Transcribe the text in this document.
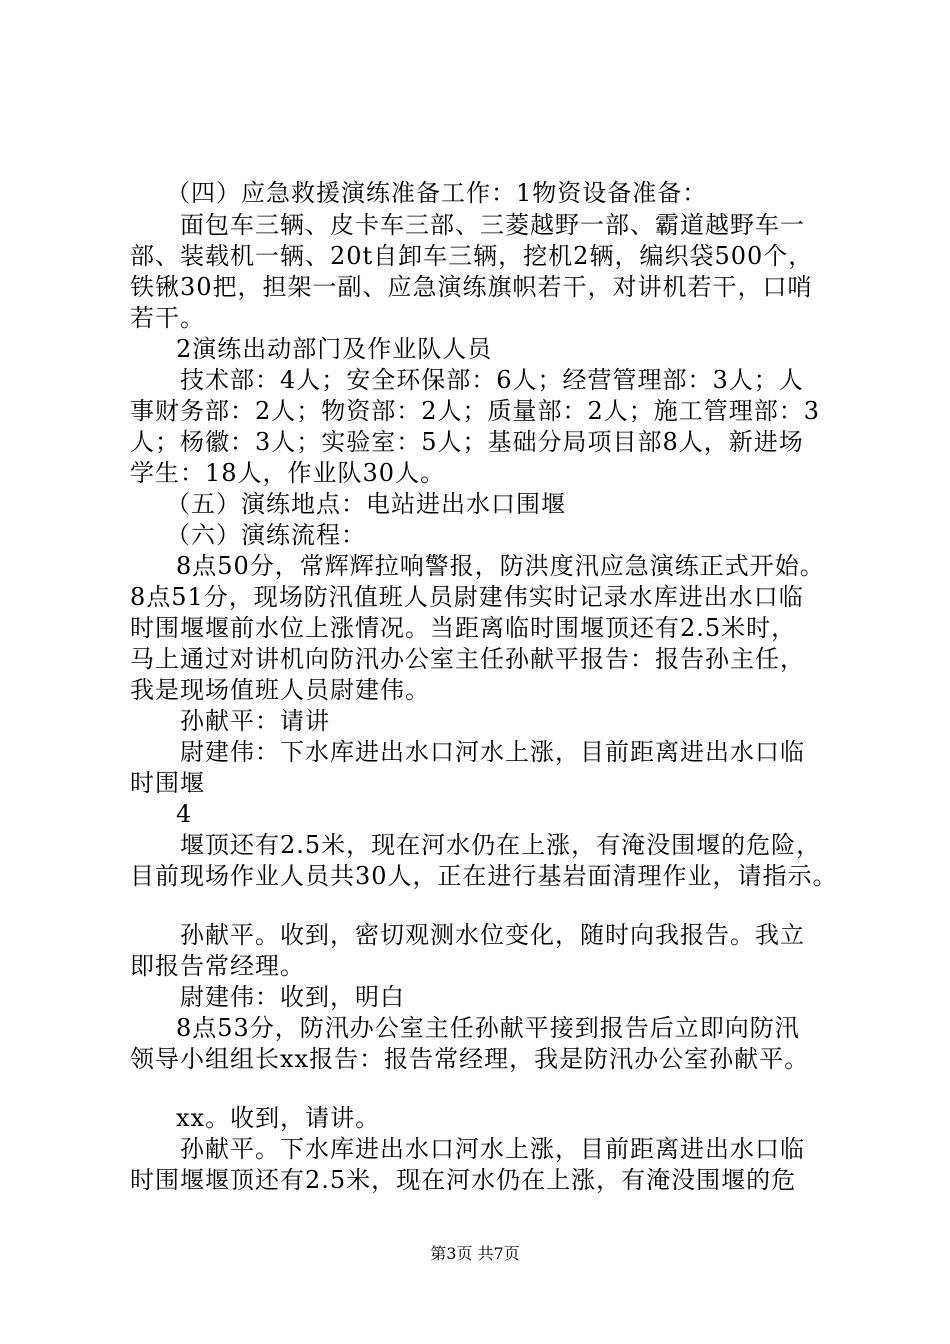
（四）应急救援演练准备工作：1物资设备准备：
面包车三辆、皮卡车三部、三菱越野一部、霸道越野车一
部、装载机一辆、20t自卸车三辆，挖机2辆，编织袋500个，
铁锹30把，担架一副、应急演练旗帜若干，对讲机若干，口哨
若干。
2演练出动部门及作业队人员
技术部：4人；安全环保部：6人；经营管理部：3人；人
事财务部：2人；物资部：2人；质量部：2人；施工管理部：3
人；杨徽：3人；实验室：5人；基础分局项目部8人，新进场
学生：18人，作业队30人。
（五）演练地点：电站进出水口围堰
（六）演练流程：
8点50分，常辉辉拉响警报，防洪度汛应急演练正式开始。
8点51分，现场防汛值班人员尉建伟实时记录水库进出水口临
时围堰堰前水位上涨情况。当距离临时围堰顶还有2.5米时，
马上通过对讲机向防汛办公室主任孙献平报告：报告孙主任，
我是现场值班人员尉建伟。
孙献平：请讲
尉建伟：下水库进出水口河水上涨，目前距离进出水口临
时围堰
4
堰顶还有2.5米，现在河水仍在上涨，有淹没围堰的危险，
目前现场作业人员共30人，正在进行基岩面清理作业，请指示。
孙献平。收到，密切观测水位变化，随时向我报告。我立
即报告常经理。
尉建伟：收到，明白
8点53分，防汛办公室主任孙献平接到报告后立即向防汛
领导小组组长xx报告：报告常经理，我是防汛办公室孙献平。
xx。收到，请讲。
孙献平。下水库进出水口河水上涨，目前距离进出水口临
时围堰堰顶还有2.5米，现在河水仍在上涨，有淹没围堰的危
第3页 共7页
